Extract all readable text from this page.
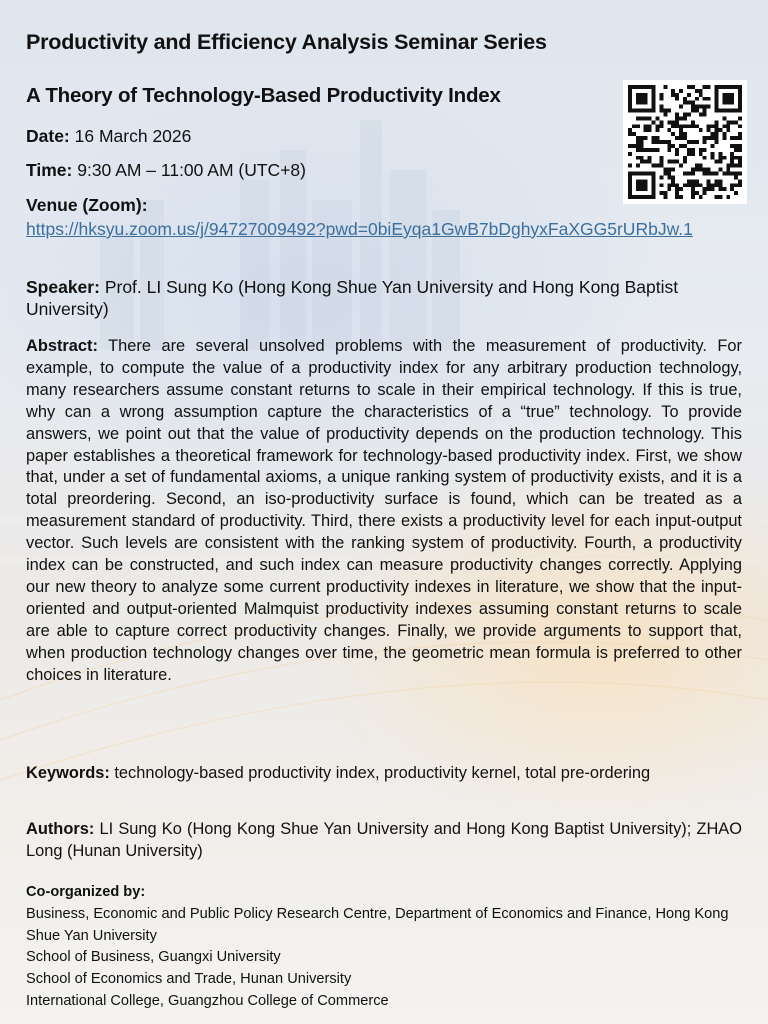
Productivity and Efficiency Analysis Seminar Series
A Theory of Technology-Based Productivity Index
Date: 16 March 2026
Time: 9:30 AM – 11:00 AM (UTC+8)
Venue (Zoom):
https://hksyu.zoom.us/j/94727009492?pwd=0biEyqa1GwB7bDghyxFaXGG5rURbJw.1
Speaker: Prof. LI Sung Ko (Hong Kong Shue Yan University and Hong Kong Baptist University)

Abstract: There are several unsolved problems with the measurement of productivity. For example, to compute the value of a productivity index for any arbitrary production technology, many researchers assume constant returns to scale in their empirical technology. If this is true, why can a wrong assumption capture the characteristics of a “true” technology. To provide answers, we point out that the value of productivity depends on the production technology. This paper establishes a theoretical framework for technology-based productivity index. First, we show that, under a set of fundamental axioms, a unique ranking system of productivity exists, and it is a total preordering. Second, an iso-productivity surface is found, which can be treated as a measurement standard of productivity. Third, there exists a productivity level for each input-output vector. Such levels are consistent with the ranking system of productivity. Fourth, a productivity index can be constructed, and such index can measure productivity changes correctly. Applying our new theory to analyze some current productivity indexes in literature, we show that the input-oriented and output-oriented Malmquist productivity indexes assuming constant returns to scale are able to capture correct productivity changes. Finally, we provide arguments to support that, when production technology changes over time, the geometric mean formula is preferred to other choices in literature.

Keywords: technology-based productivity index, productivity kernel, total pre-ordering

Authors: LI Sung Ko (Hong Kong Shue Yan University and Hong Kong Baptist University); ZHAO Long (Hunan University)

Co-organized by:
Business, Economic and Public Policy Research Centre, Department of Economics and Finance, Hong Kong Shue Yan University
School of Business, Guangxi University
School of Economics and Trade, Hunan University
International College, Guangzhou College of Commerce
